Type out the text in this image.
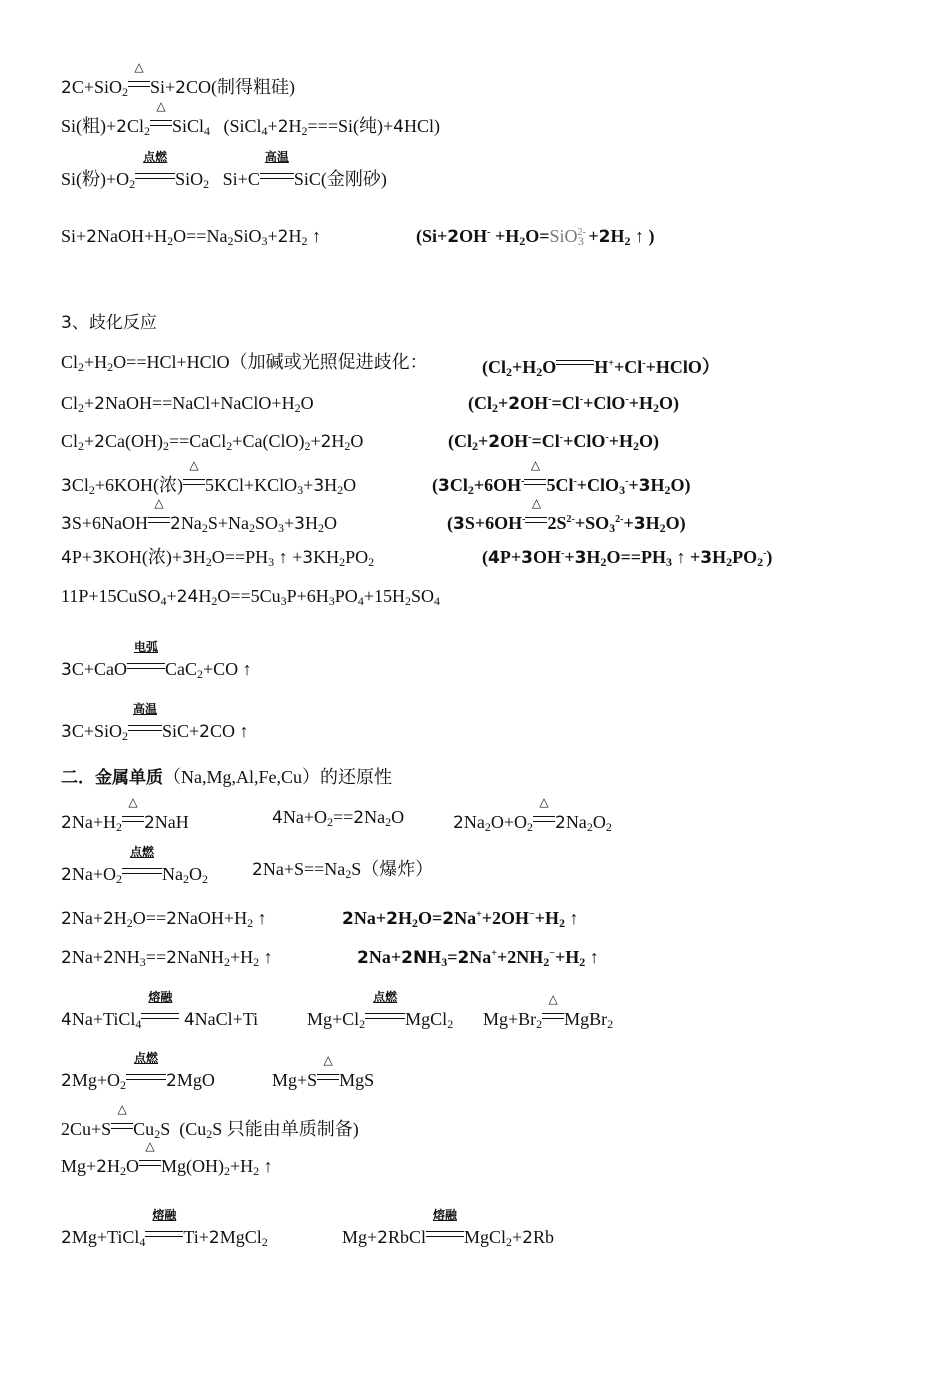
2C+SiO$_2$
△
Si+2CO(制得粗硅)
Si(粗)$+2Cl_2$
△
SiCl$_4$   ($SiCl_4+2H_2===Si$(纯)+4HCl)
Si(粉)$+O_2$
点燃
SiO$_2$   Si+C
高温
SiC(金刚砂)
$Si+2NaOH+H_2O==Na_2SiO_3+2H_2$ ↑	($Si+2OH^- +H_2O=SiO^{2-}_3 +2H_2$ ↑ )
3、歧化反应
$Cl_2+H_2O==HCl+HClO$（加碱或光照促进歧化：	($Cl_2+H_2O$ H++Cl-+HClO）
$Cl_2+2NaOH==NaCl+NaClO+H_2O$	$(Cl_2+2OH^-=Cl^-+ClO^-+H_2O)$
$Cl_2+2Ca(OH)_2==CaCl_2+Ca(ClO)_2+2H_2O$	$(Cl_2+2OH^-=Cl^-+ClO^-+H_2O)$
$3Cl_2+6KOH$(浓)
△
$5KCl+KClO_3+3H_2O$	($3Cl_2+6OH^-$
△
$5Cl^-+ClO_3^-+3H_2O$)
3S+6NaOH
△
$2Na_2S+Na_2SO_3+3H_2O$	(3S+6OH-
△
$2S^{2-}+SO_3^{2-}+3H_2O$)
4P+3KOH(浓)$+3H_2O==PH_3$ ↑ $+3KH_2PO_2$	($4P+3OH^-+3H_2O==PH_3$ ↑ $+3H_2PO_2^-$)
$11P+15CuSO_4+24H_2O==5Cu_3P+6H_3PO_4+15H_2SO_4$
3C+CaO
电弧
CaC$_2$+CO ↑
3C+SiO$_2$
高温
SiC+2CO ↑
二．金属单质（Na,Mg,Al,Fe,Cu）的还原性
$2Na+H_2$
△
2NaH	$4Na+O_2==2Na_2O$	$2Na_2O+O_2$
△
$2Na_2O_2$
$2Na+O_2$
点燃
$Na_2O_2$	$2Na+S==Na_2S$（爆炸）
$2Na+2H_2O==2NaOH+H_2$ ↑	$2Na+2H_2O=2Na^++2OH^-+H_2$ ↑
$2Na+2NH_3==2NaNH_2+H_2$ ↑	$2Na+2NH_3=2Na^++2NH_2^-+H_2$ ↑
4Na+TiCl$_4$
熔融
4NaCl+Ti	$Mg+Cl_2$
点燃
MgCl$_2$ $Mg+Br_2$
△
MgBr$_2$
$2Mg+O_2$
点燃
2MgO	Mg+S
△
MgS
2Cu+S
△
$Cu_2S$  ($Cu_2S$ 只能由单质制备)
$Mg+2H_2O$
△
$Mg(OH)_2+H_2$ ↑
2Mg+TiCl$_4$
熔融
Ti+2MgCl$_2$	Mg+2RbCl
熔融
MgCl$_2$+2Rb
